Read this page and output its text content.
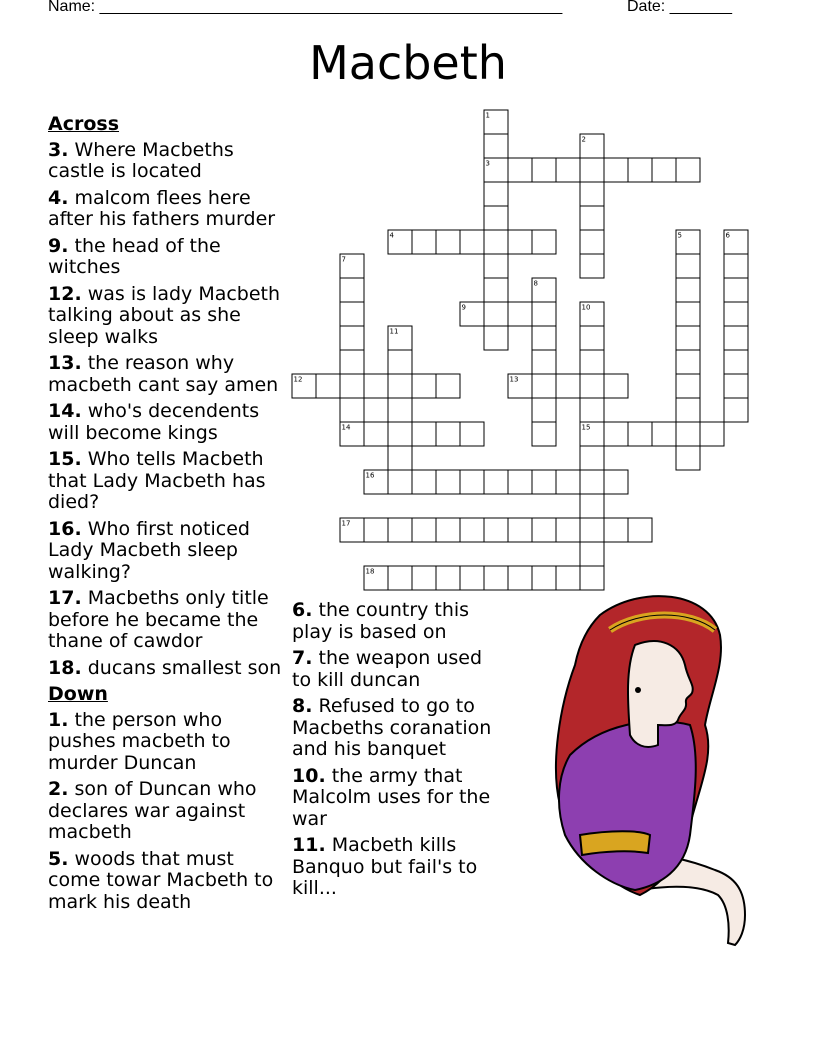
Name: ____________________________________________________	Date: _______
Macbeth
1
2
3
4	5	6
7
8
9	10
11
12	13
14	15
16
17
18
Across
3. Where Macbeths castle is located
4. malcom flees here after his fathers murder
9. the head of the witches
12. was is lady Macbeth talking about as she sleep walks
13. the reason why macbeth cant say amen
14. who's decendents will become kings
15. Who tells Macbeth that Lady Macbeth has died?
16. Who first noticed Lady Macbeth sleep walking?
17. Macbeths only title before he became the thane of cawdor
18. ducans smallest son
Down
1. the person who pushes macbeth to murder Duncan
2. son of Duncan who declares war against macbeth
5. woods that must come towar Macbeth to mark his death
6. the country this play is based on
7. the weapon used to kill duncan
8. Refused to go to Macbeths coranation and his banquet
10. the army that Malcolm uses for the war
11. Macbeth kills Banquo but fail's to kill...
